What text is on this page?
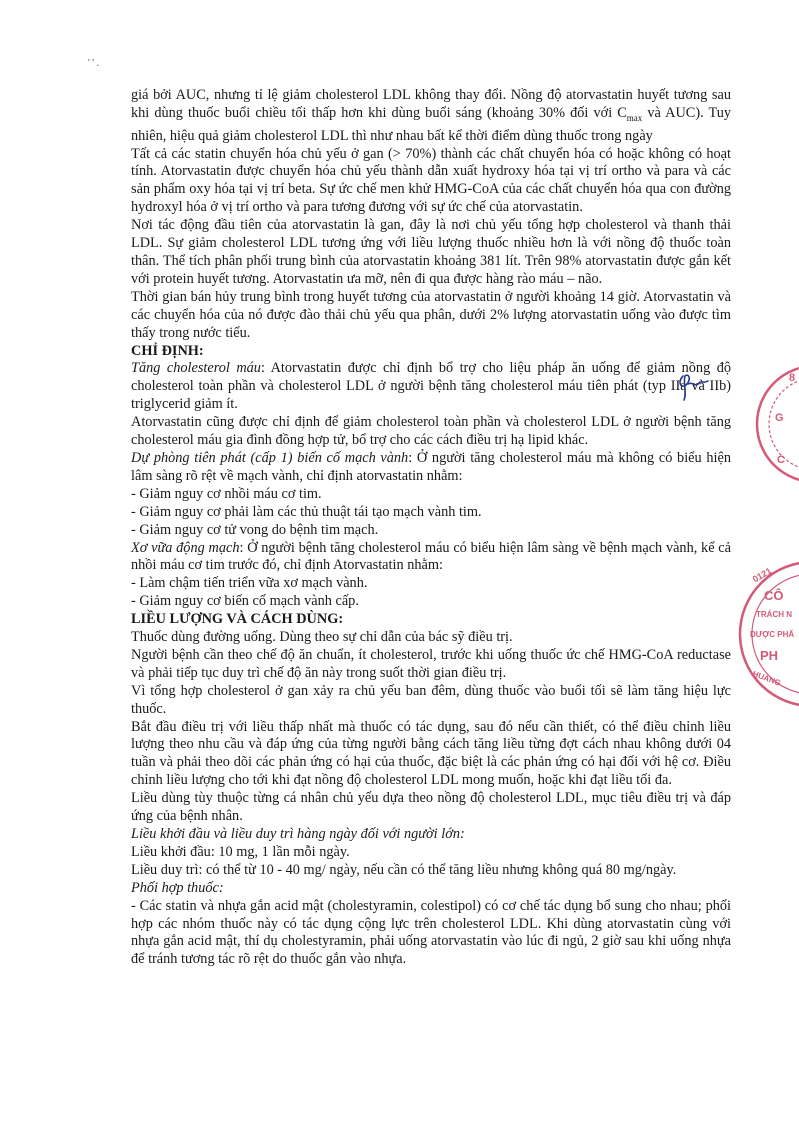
' ' .

giá bởi AUC, nhưng tỉ lệ giảm cholesterol LDL không thay đổi. Nồng độ atorvastatin huyết tương sau khi dùng thuốc buổi chiều tối thấp hơn khi dùng buổi sáng (khoảng 30% đối với $C_{max}$ và AUC). Tuy nhiên, hiệu quả giảm cholesterol LDL thì như nhau bất kể thời điểm dùng thuốc trong ngày

Tất cả các statin chuyển hóa chủ yếu ở gan (> 70%) thành các chất chuyển hóa có hoặc không có hoạt tính. Atorvastatin được chuyển hóa chủ yếu thành dẫn xuất hydroxy hóa tại vị trí ortho và para và các sản phẩm oxy hóa tại vị trí beta. Sự ức chế men khử HMG-CoA của các chất chuyển hóa qua con đường hydroxyl hóa ở vị trí ortho và para tương đương với sự ức chế của atorvastatin.

Nơi tác động đầu tiên của atorvastatin là gan, đây là nơi chủ yếu tổng hợp cholesterol và thanh thải LDL. Sự giảm cholesterol LDL tương ứng với liều lượng thuốc nhiều hơn là với nồng độ thuốc toàn thân. Thể tích phân phối trung bình của atorvastatin khoảng 381 lít. Trên 98% atorvastatin được gắn kết với protein huyết tương. Atorvastatin ưa mỡ, nên đi qua được hàng rào máu – não.

Thời gian bán hủy trung bình trong huyết tương của atorvastatin ở người khoảng 14 giờ. Atorvastatin và các chuyển hóa của nó được đào thải chủ yếu qua phân, dưới 2% lượng atorvastatin uống vào được tìm thấy trong nước tiểu.

CHỈ ĐỊNH:

Tăng cholesterol máu: Atorvastatin được chỉ định bổ trợ cho liệu pháp ăn uống để giảm nồng độ cholesterol toàn phần và cholesterol LDL ở người bệnh tăng cholesterol máu tiên phát (typ IIa và IIb) triglycerid giảm ít.

Atorvastatin cũng được chỉ định để giảm cholesterol toàn phần và cholesterol LDL ở người bệnh tăng cholesterol máu gia đình đồng hợp tử, bổ trợ cho các cách điều trị hạ lipid khác.

Dự phòng tiên phát (cấp 1) biến cố mạch vành: Ở người tăng cholesterol máu mà không có biểu hiện lâm sàng rõ rệt về mạch vành, chỉ định atorvastatin nhằm:

- Giảm nguy cơ nhồi máu cơ tim.

- Giảm nguy cơ phải làm các thủ thuật tái tạo mạch vành tim.

- Giảm nguy cơ tử vong do bệnh tim mạch.

Xơ vữa động mạch: Ở người bệnh tăng cholesterol máu có biểu hiện lâm sàng về bệnh mạch vành, kể cả nhồi máu cơ tim trước đó, chỉ định Atorvastatin nhằm:

- Làm chậm tiến triển vữa xơ mạch vành.

- Giảm nguy cơ biến cố mạch vành cấp.

LIỀU LƯỢNG VÀ CÁCH DÙNG:

Thuốc dùng đường uống. Dùng theo sự chỉ dẫn của bác sỹ điều trị.

Người bệnh cần theo chế độ ăn chuẩn, ít cholesterol, trước khi uống thuốc ức chế HMG-CoA reductase và phải tiếp tục duy trì chế độ ăn này trong suốt thời gian điều trị.

Vì tổng hợp cholesterol ở gan xảy ra chủ yếu ban đêm, dùng thuốc vào buổi tối sẽ làm tăng hiệu lực thuốc.

Bắt đầu điều trị với liều thấp nhất mà thuốc có tác dụng, sau đó nếu cần thiết, có thể điều chỉnh liều lượng theo nhu cầu và đáp ứng của từng người bằng cách tăng liều từng đợt cách nhau không dưới 04 tuần và phải theo dõi các phản ứng có hại của thuốc, đặc biệt là các phản ứng có hại đối với hệ cơ. Điều chỉnh liều lượng cho tới khi đạt nồng độ cholesterol LDL mong muốn, hoặc khi đạt liều tối đa.

Liều dùng tùy thuộc từng cá nhân chủ yếu dựa theo nồng độ cholesterol LDL, mục tiêu điều trị và đáp ứng của bệnh nhân.

Liều khởi đầu và liều duy trì hàng ngày đối với người lớn:

Liều khởi đầu: 10 mg, 1 lần mỗi ngày.

Liều duy trì: có thể từ 10 - 40 mg/ ngày, nếu cần có thể tăng liều nhưng không quá 80 mg/ngày.

Phối hợp thuốc:

- Các statin và nhựa gắn acid mật (cholestyramin, colestipol) có cơ chế tác dụng bổ sung cho nhau; phối hợp các nhóm thuốc này có tác dụng cộng lực trên cholesterol LDL. Khi dùng atorvastatin cùng với nhựa gắn acid mật, thí dụ cholestyramin, phải uống atorvastatin vào lúc đi ngủ, 2 giờ sau khi uống nhựa để tránh tương tác rõ rệt do thuốc gắn vào nhựa.

8
G
C
0121
CÔ
TRÁCH N
DƯỢC PHẨ
PH
HUANG
